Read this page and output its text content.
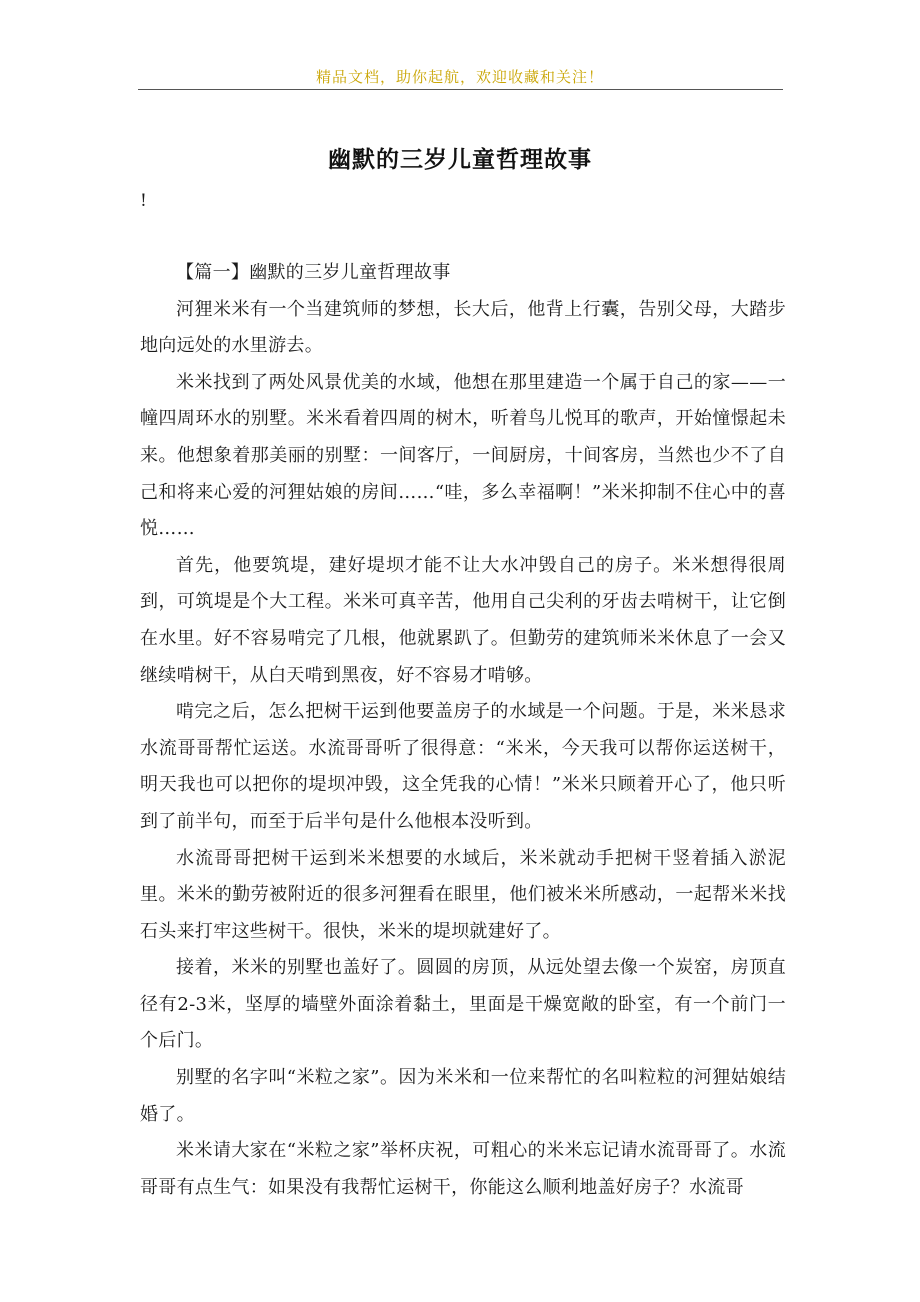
精品文档，助你起航，欢迎收藏和关注！
幽默的三岁儿童哲理故事
!

【篇一】幽默的三岁儿童哲理故事

河狸米米有一个当建筑师的梦想，长大后，他背上行囊，告别父母，大踏步地向远处的水里游去。

米米找到了两处风景优美的水域，他想在那里建造一个属于自己的家——一幢四周环水的别墅。米米看着四周的树木，听着鸟儿悦耳的歌声，开始憧憬起未来。他想象着那美丽的别墅：一间客厅，一间厨房，十间客房，当然也少不了自己和将来心爱的河狸姑娘的房间……“哇，多么幸福啊！”米米抑制不住心中的喜悦……

首先，他要筑堤，建好堤坝才能不让大水冲毁自己的房子。米米想得很周到，可筑堤是个大工程。米米可真辛苦，他用自己尖利的牙齿去啃树干，让它倒在水里。好不容易啃完了几根，他就累趴了。但勤劳的建筑师米米休息了一会又继续啃树干，从白天啃到黑夜，好不容易才啃够。

啃完之后，怎么把树干运到他要盖房子的水域是一个问题。于是，米米恳求水流哥哥帮忙运送。水流哥哥听了很得意：“米米，今天我可以帮你运送树干，明天我也可以把你的堤坝冲毁，这全凭我的心情！”米米只顾着开心了，他只听到了前半句，而至于后半句是什么他根本没听到。

水流哥哥把树干运到米米想要的水域后，米米就动手把树干竖着插入淤泥里。米米的勤劳被附近的很多河狸看在眼里，他们被米米所感动，一起帮米米找石头来打牢这些树干。很快，米米的堤坝就建好了。

接着，米米的别墅也盖好了。圆圆的房顶，从远处望去像一个炭窑，房顶直径有2-3米，坚厚的墙壁外面涂着黏土，里面是干燥宽敞的卧室，有一个前门一个后门。

别墅的名字叫“米粒之家”。因为米米和一位来帮忙的名叫粒粒的河狸姑娘结婚了。

米米请大家在“米粒之家”举杯庆祝，可粗心的米米忘记请水流哥哥了。水流哥哥有点生气：如果没有我帮忙运树干，你能这么顺利地盖好房子？水流哥
